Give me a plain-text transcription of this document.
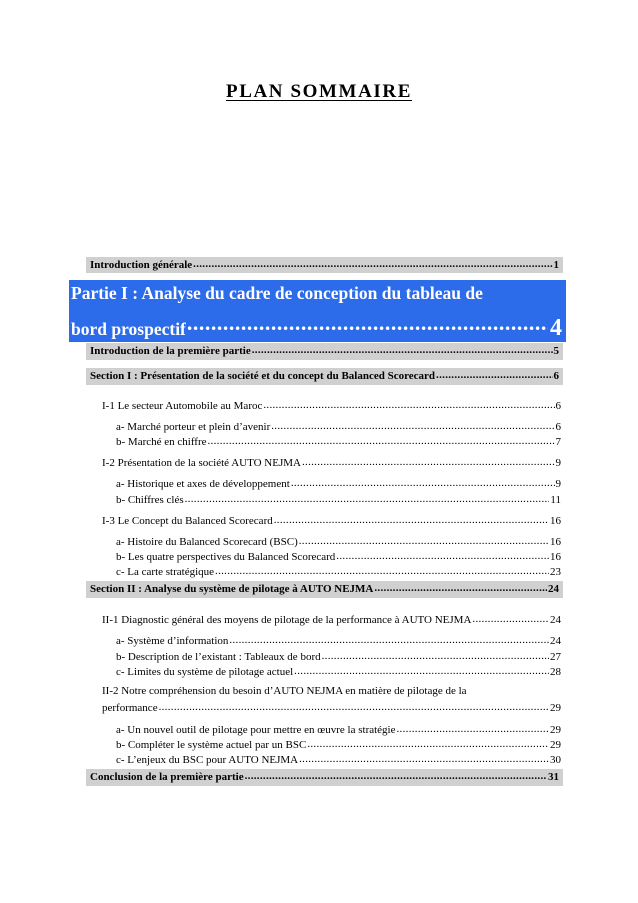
PLAN SOMMAIRE
Introduction générale .....	1
Partie I : Analyse du cadre de conception du tableau de
bord prospectif .....	4
Introduction de la première partie .....	5
Section I : Présentation de la société et du concept du Balanced Scorecard .....	6
I-1 Le secteur Automobile au Maroc .....	6
a- Marché porteur et plein d’avenir .....	6
b- Marché en chiffre .....	7
I-2 Présentation de la société AUTO NEJMA .....	9
a- Historique et axes de développement .....	9
b- Chiffres clés .....	11
I-3 Le Concept du Balanced Scorecard .....	16
a- Histoire du Balanced Scorecard (BSC) .....	16
b- Les quatre perspectives du Balanced Scorecard .....	16
c- La carte stratégique .....	23
Section II : Analyse du système de pilotage à AUTO NEJMA .....	24
II-1 Diagnostic général des moyens de pilotage de la performance à AUTO NEJMA .....	24
a- Système d’information .....	24
b- Description de l’existant : Tableaux de bord .....	27
c- Limites du système de pilotage actuel .....	28
II-2 Notre compréhension du besoin d’AUTO NEJMA en matière de pilotage de la
performance .....	29
a- Un nouvel outil de pilotage pour mettre en œuvre la stratégie .....	29
b- Compléter le système actuel par un BSC .....	29
c- L’enjeux du BSC pour AUTO NEJMA .....	30
Conclusion de la première partie .....	31
